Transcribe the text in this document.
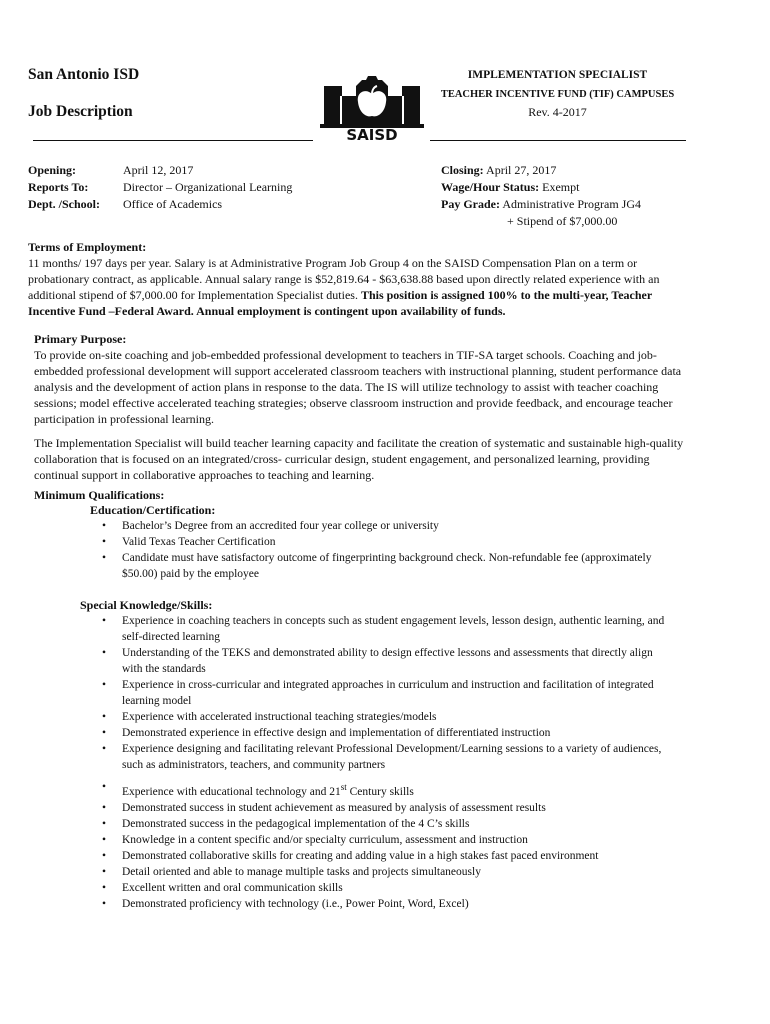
San Antonio ISD
Job Description
SAISD
IMPLEMENTATION SPECIALIST
TEACHER INCENTIVE FUND (TIF) CAMPUSES
Rev. 4-2017
Opening:	April 12, 2017
Reports To:	Director – Organizational Learning
Dept. /School: Office of Academics
Closing: April 27, 2017
Wage/Hour Status: Exempt
Pay Grade: Administrative Program JG4
+ Stipend of $7,000.00
Terms of Employment:
11 months/ 197 days per year. Salary is at Administrative Program Job Group 4 on the SAISD Compensation Plan on a term or
probationary contract, as applicable. Annual salary range is $52,819.64 - $63,638.88 based upon directly related experience with an
additional stipend of $7,000.00 for Implementation Specialist duties. This position is assigned 100% to the multi-year, Teacher
Incentive Fund –Federal Award. Annual employment is contingent upon availability of funds.
Primary Purpose:
To provide on-site coaching and job-embedded professional development to teachers in TIF-SA target schools. Coaching and job-
embedded professional development will support accelerated classroom teachers with instructional planning, student performance data
analysis and the development of action plans in response to the data. The IS will utilize technology to assist with teacher coaching
sessions; model effective accelerated teaching strategies; observe classroom instruction and provide feedback, and encourage teacher
participation in professional learning.
The Implementation Specialist will build teacher learning capacity and facilitate the creation of systematic and sustainable high-quality
collaboration that is focused on an integrated/cross- curricular design, student engagement, and personalized learning, providing
continual support in collaborative approaches to teaching and learning.
Minimum Qualifications:
Education/Certification:
• Bachelor’s Degree from an accredited four year college or university
• Valid Texas Teacher Certification
• Candidate must have satisfactory outcome of fingerprinting background check. Non-refundable fee (approximately
$50.00) paid by the employee
Special Knowledge/Skills:
• Experience in coaching teachers in concepts such as student engagement levels, lesson design, authentic learning, and
self-directed learning
• Understanding of the TEKS and demonstrated ability to design effective lessons and assessments that directly align
with the standards
• Experience in cross-curricular and integrated approaches in curriculum and instruction and facilitation of integrated
learning model
• Experience with accelerated instructional teaching strategies/models
• Demonstrated experience in effective design and implementation of differentiated instruction
• Experience designing and facilitating relevant Professional Development/Learning sessions to a variety of audiences,
such as administrators, teachers, and community partners
• Experience with educational technology and 21st Century skills
• Demonstrated success in student achievement as measured by analysis of assessment results
• Demonstrated success in the pedagogical implementation of the 4 C’s skills
• Knowledge in a content specific and/or specialty curriculum, assessment and instruction
• Demonstrated collaborative skills for creating and adding value in a high stakes fast paced environment
• Detail oriented and able to manage multiple tasks and projects simultaneously
• Excellent written and oral communication skills
• Demonstrated proficiency with technology (i.e., Power Point, Word, Excel)
